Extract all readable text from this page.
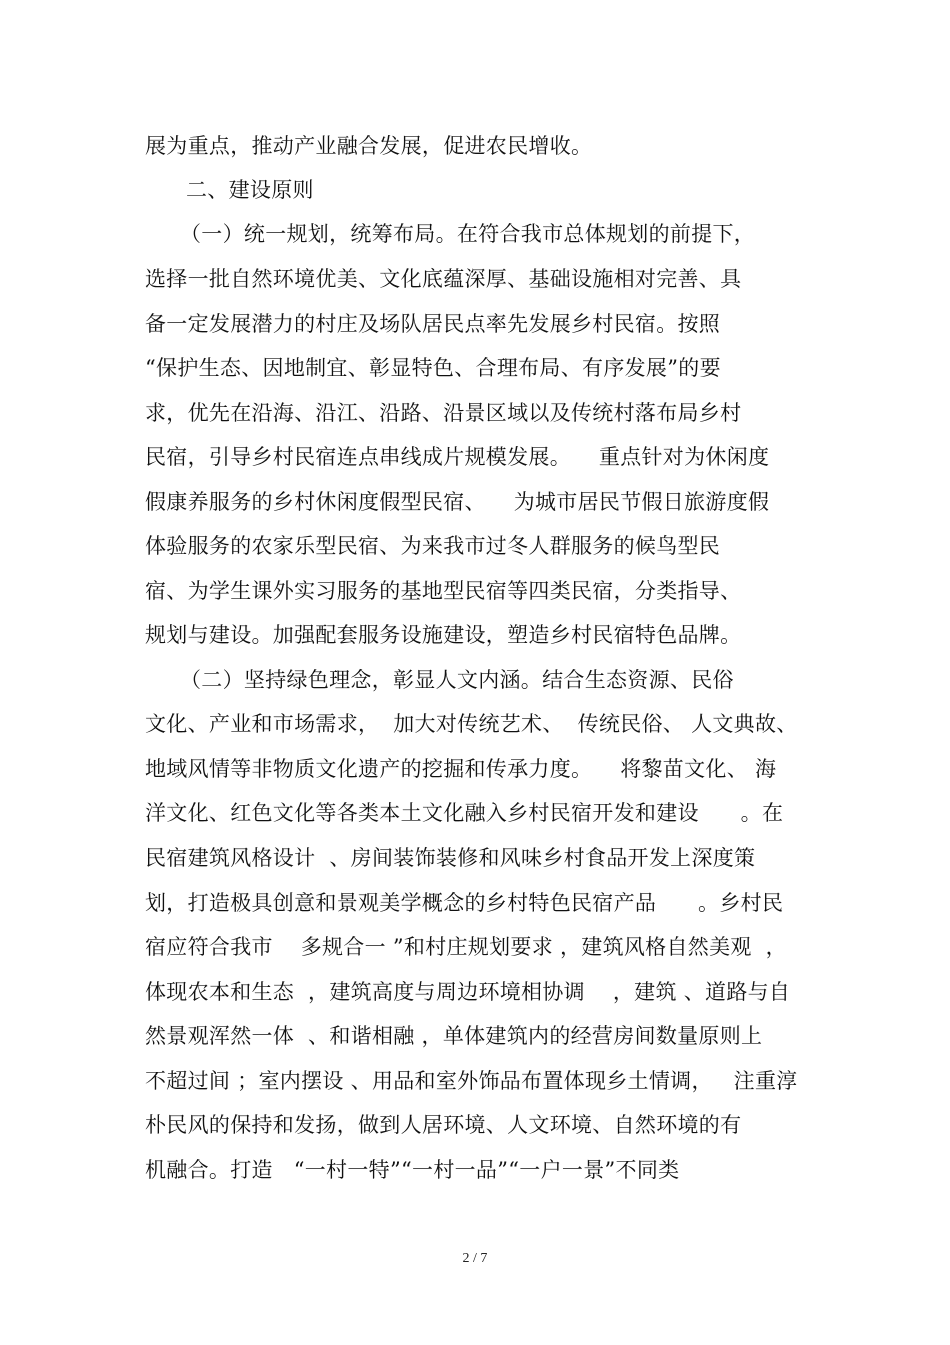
展为重点，推动产业融合发展，促进农民增收。
二、建设原则
（一）统一规划，统筹布局。在符合我市总体规划的前提下，
选择一批自然环境优美、文化底蕴深厚、基础设施相对完善、具
备一定发展潜力的村庄及场队居民点率先发展乡村民宿。按照
“保护生态、因地制宜、彰显特色、合理布局、有序发展”的要
求，优先在沿海、沿江、沿路、沿景区域以及传统村落布局乡村
民宿，引导乡村民宿连点串线成片规模发展。    重点针对为休闲度
假康养服务的乡村休闲度假型民宿、    为城市居民节假日旅游度假
体验服务的农家乐型民宿、为来我市过冬人群服务的候鸟型民
宿、为学生课外实习服务的基地型民宿等四类民宿，分类指导、
规划与建设。加强配套服务设施建设，塑造乡村民宿特色品牌。
（二）坚持绿色理念，彰显人文内涵。结合生态资源、民俗
文化、产业和市场需求，  加大对传统艺术、  传统民俗、 人文典故、
地域风情等非物质文化遗产的挖掘和传承力度。    将黎苗文化、 海
洋文化、红色文化等各类本土文化融入乡村民宿开发和建设      。在
民宿建筑风格设计  、房间装饰装修和风味乡村食品开发上深度策
划，打造极具创意和景观美学概念的乡村特色民宿产品      。乡村民
宿应符合我市    多规合一 ”和村庄规划要求 ，建筑风格自然美观  ，
体现农本和生态  ，建筑高度与周边环境相协调    ，建筑 、道路与自
然景观浑然一体  、和谐相融 ，单体建筑内的经营房间数量原则上
不超过间 ；室内摆设 、用品和室外饰品布置体现乡土情调，   注重淳
朴民风的保持和发扬，做到人居环境、人文环境、自然环境的有
机融合。打造   “一村一特”“一村一品”“一户一景”不同类
2 / 7
